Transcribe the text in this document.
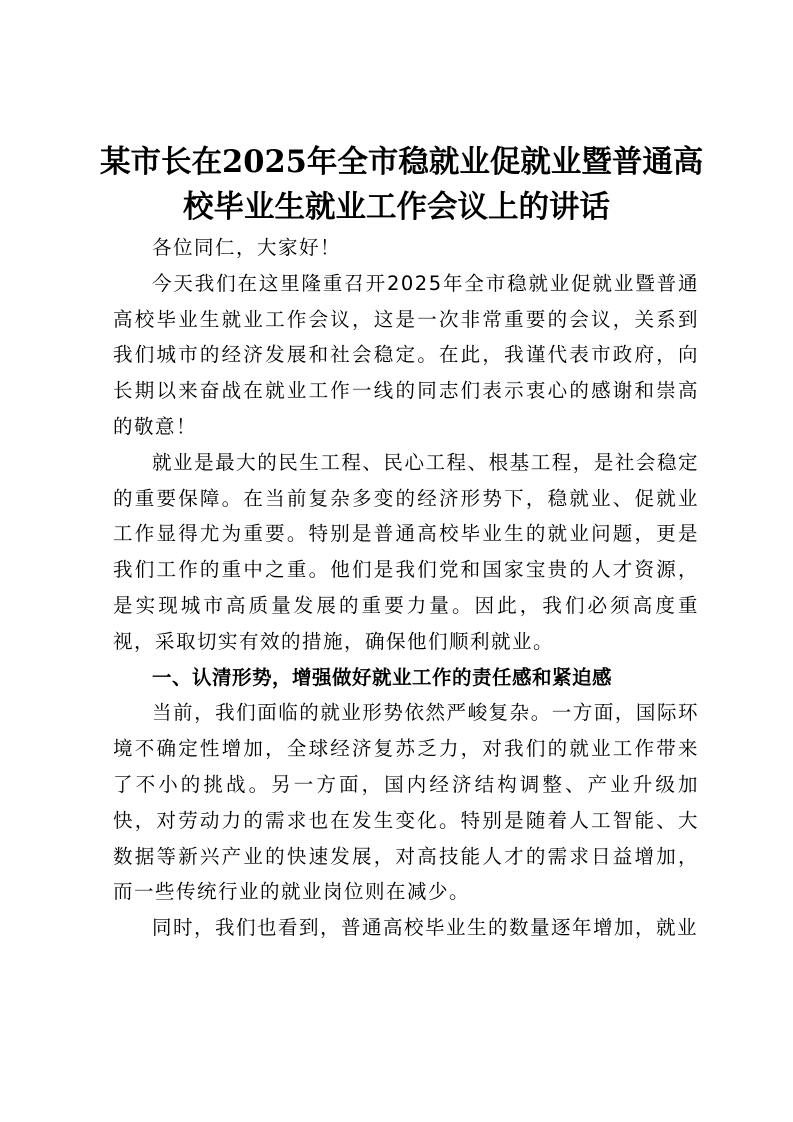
某市长在2025年全市稳就业促就业暨普通高
校毕业生就业工作会议上的讲话

各位同仁，大家好！

今天我们在这里隆重召开2025年全市稳就业促就业暨普通高校毕业生就业工作会议，这是一次非常重要的会议，关系到我们城市的经济发展和社会稳定。在此，我谨代表市政府，向长期以来奋战在就业工作一线的同志们表示衷心的感谢和崇高的敬意！

就业是最大的民生工程、民心工程、根基工程，是社会稳定的重要保障。在当前复杂多变的经济形势下，稳就业、促就业工作显得尤为重要。特别是普通高校毕业生的就业问题，更是我们工作的重中之重。他们是我们党和国家宝贵的人才资源，是实现城市高质量发展的重要力量。因此，我们必须高度重视，采取切实有效的措施，确保他们顺利就业。

一、认清形势，增强做好就业工作的责任感和紧迫感

当前，我们面临的就业形势依然严峻复杂。一方面，国际环境不确定性增加，全球经济复苏乏力，对我们的就业工作带来了不小的挑战。另一方面，国内经济结构调整、产业升级加快，对劳动力的需求也在发生变化。特别是随着人工智能、大数据等新兴产业的快速发展，对高技能人才的需求日益增加，而一些传统行业的就业岗位则在减少。

同时，我们也看到，普通高校毕业生的数量逐年增加，就业
